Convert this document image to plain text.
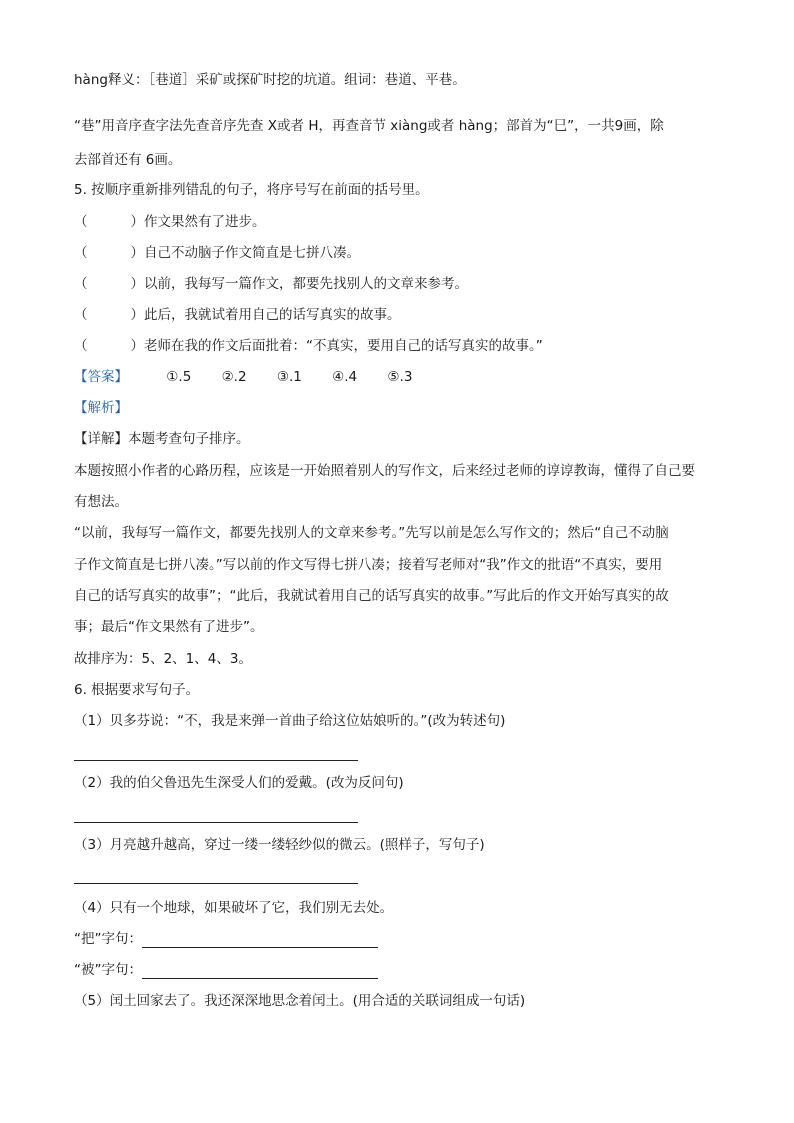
hàng释义：［巷道］采矿或探矿时挖的坑道。组词：巷道、平巷。
“巷”用音序查字法先查音序先查 X或者 H，再查音节 xiàng或者 hàng；部首为“巳”，一共9画，除
去部首还有 6画。
5. 按顺序重新排列错乱的句子，将序号写在前面的括号里。
（	） 作文果然有了进步。
（	） 自己不动脑子作文简直是七拼八凑。
（	） 以前，我每写一篇作文，都要先找别人的文章来参考。
（	） 此后，我就试着用自己的话写真实的故事。
（	） 老师在我的作文后面批着：“不真实，要用自己的话写真实的故事。”
【答案】	①.5 ②.2 ③.1 ④.4 ⑤.3
【解析】
【详解】本题考查句子排序。
本题按照小作者的心路历程，应该是一开始照着别人的写作文，后来经过老师的谆谆教诲，懂得了自己要
有想法。
“以前，我每写一篇作文，都要先找别人的文章来参考。”先写以前是怎么写作文的；然后“自己不动脑
子作文简直是七拼八凑。”写以前的作文写得七拼八凑；接着写老师对“我”作文的批语“不真实，要用
自己的话写真实的故事”；“此后，我就试着用自己的话写真实的故事。”写此后的作文开始写真实的故
事；最后“作文果然有了进步”。
故排序为：5、2、1、4、3。
6. 根据要求写句子。
（1）贝多芬说：“不，我是来弹一首曲子给这位姑娘听的。”(改为转述句)
（2）我的伯父鲁迅先生深受人们的爱戴。(改为反问句)
（3）月亮越升越高，穿过一缕一缕轻纱似的微云。(照样子，写句子)
（4）只有一个地球，如果破坏了它，我们别无去处。
“把”字句：
“被”字句：
（5）闰土回家去了。我还深深地思念着闰土。(用合适的关联词组成一句话)
